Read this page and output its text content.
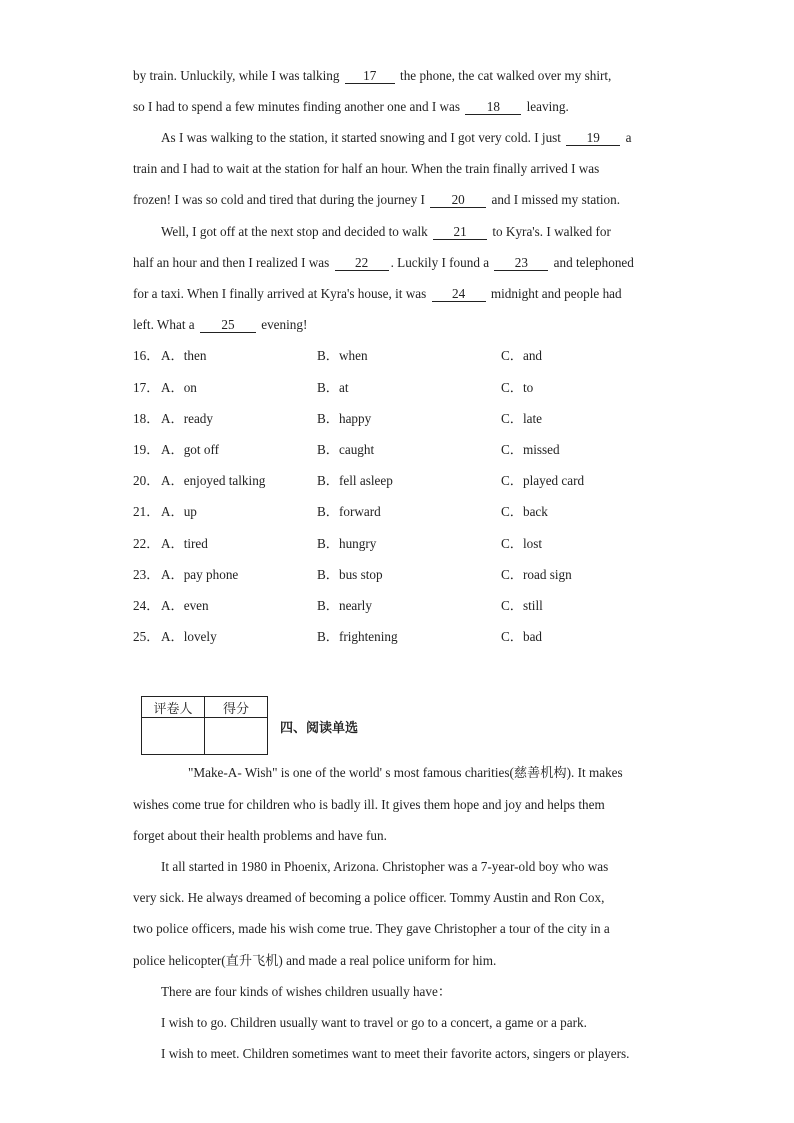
by train. Unluckily, while I was talking 17 the phone, the cat walked over my shirt,
so I had to spend a few minutes finding another one and I was 18 leaving.
As I was walking to the station, it started snowing and I got very cold. I just 19 a
train and I had to wait at the station for half an hour. When the train finally arrived I was
frozen! I was so cold and tired that during the journey I 20 and I missed my station.
Well, I got off at the next stop and decided to walk 21 to Kyra's. I walked for
half an hour and then I realized I was 22 . Luckily I found a 23 and telephoned
for a taxi. When I finally arrived at Kyra's house, it was 24 midnight and people had
left. What a 25 evening!
16． A．then	B．when	C．and
17． A．on	B．at	C．to
18． A．ready	B．happy	C．late
19． A．got off	B．caught	C．missed
20． A．enjoyed talking	B．fell asleep	C．played card
21． A．up	B．forward	C．back
22． A．tired	B．hungry	C．lost
23． A．pay phone	B．bus stop	C．road sign
24． A．even	B．nearly	C．still
25． A．lovely	B．frightening	C．bad
评卷人	得分

四、阅读单选
"Make-A- Wish" is one of the world' s most famous charities(慈善机构). It makes
wishes come true for children who is badly ill. It gives them hope and joy and helps them
forget about their health problems and have fun.
It all started in 1980 in Phoenix, Arizona. Christopher was a 7-year-old boy who was
very sick. He always dreamed of becoming a police officer. Tommy Austin and Ron Cox,
two police officers, made his wish come true. They gave Christopher a tour of the city in a
police helicopter(直升飞机) and made a real police uniform for him.
There are four kinds of wishes children usually have：
I wish to go. Children usually want to travel or go to a concert, a game or a park.
I wish to meet. Children sometimes want to meet their favorite actors, singers or players.
